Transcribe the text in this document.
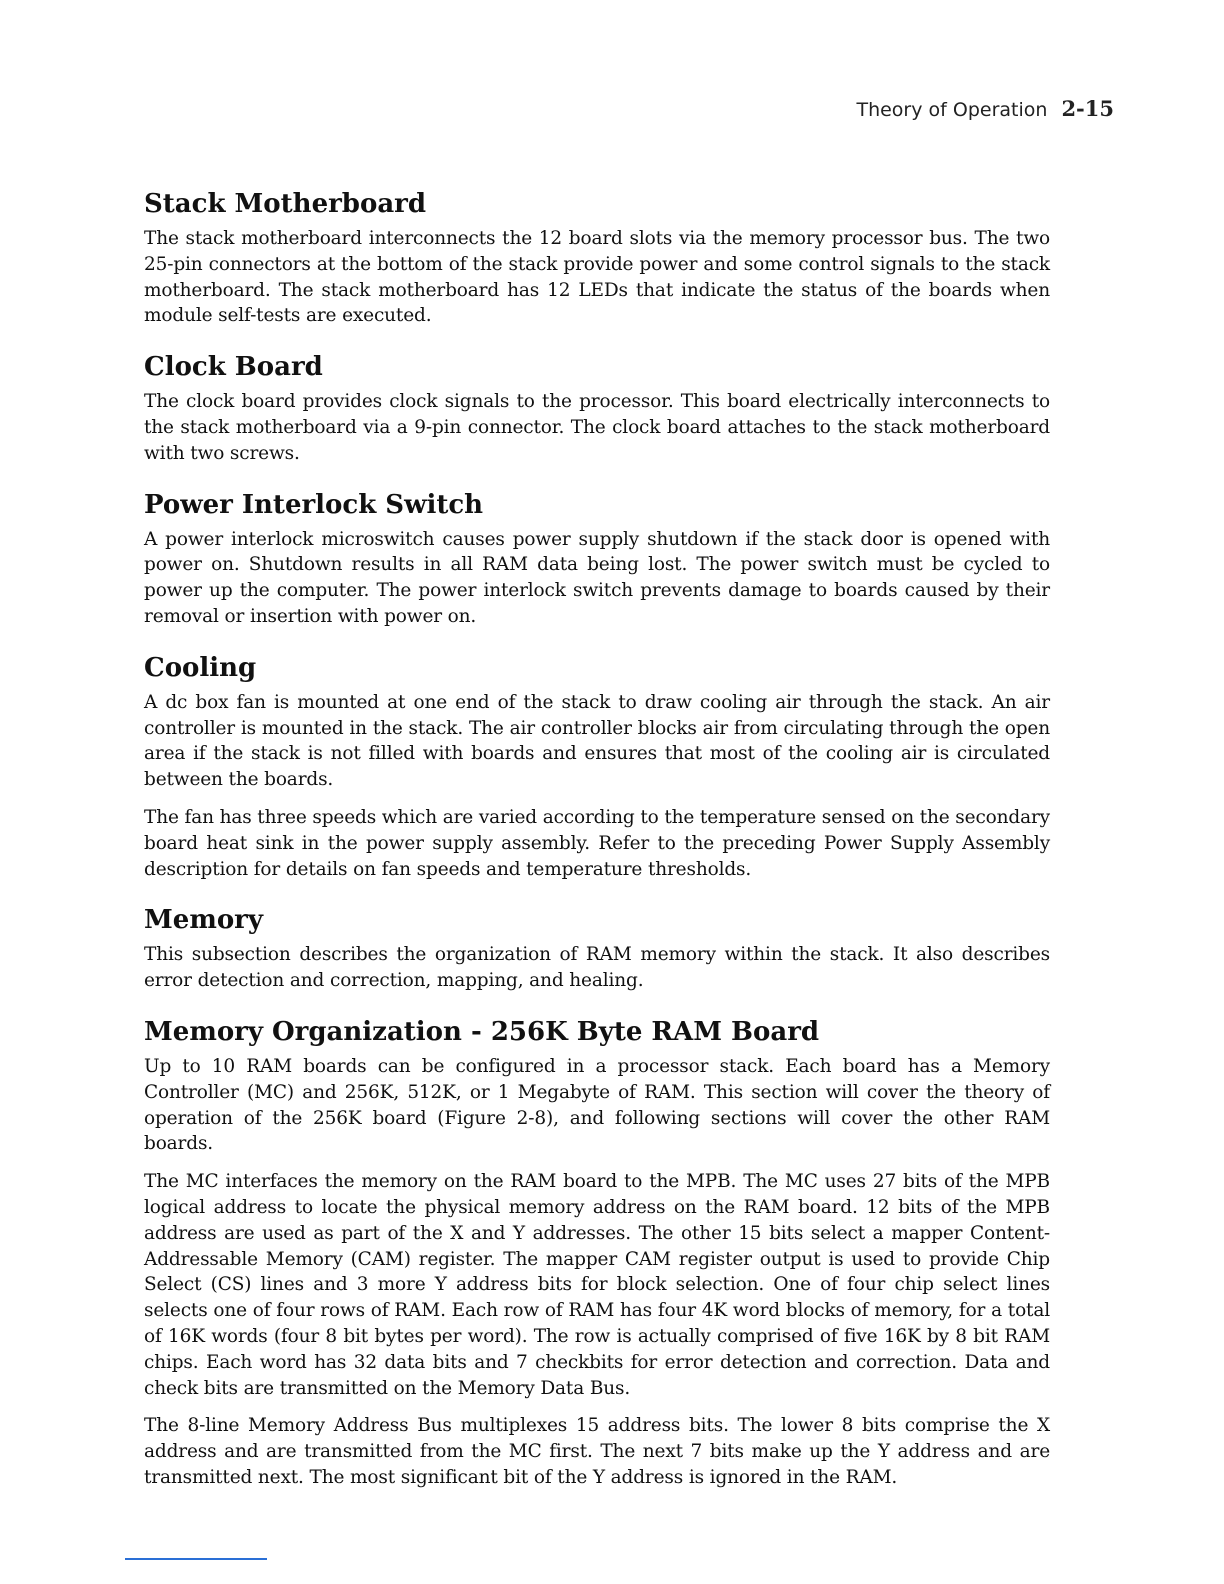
Theory of Operation 2-15
Stack Motherboard

The stack motherboard interconnects the 12 board slots via the memory processor bus. The two 25-pin connectors at the bottom of the stack provide power and some control signals to the stack motherboard. The stack motherboard has 12 LEDs that indicate the status of the boards when module self-tests are executed.

Clock Board

The clock board provides clock signals to the processor. This board electrically interconnects to the stack motherboard via a 9-pin connector. The clock board attaches to the stack motherboard with two screws.

Power Interlock Switch

A power interlock microswitch causes power supply shutdown if the stack door is opened with power on. Shutdown results in all RAM data being lost. The power switch must be cycled to power up the computer. The power interlock switch prevents damage to boards caused by their removal or insertion with power on.

Cooling

A dc box fan is mounted at one end of the stack to draw cooling air through the stack. An air controller is mounted in the stack. The air controller blocks air from circulating through the open area if the stack is not filled with boards and ensures that most of the cooling air is circulated between the boards.

The fan has three speeds which are varied according to the temperature sensed on the secondary board heat sink in the power supply assembly. Refer to the preceding Power Supply Assembly description for details on fan speeds and temperature thresholds.

Memory

This subsection describes the organization of RAM memory within the stack. It also describes error detection and correction, mapping, and healing.

Memory Organization - 256K Byte RAM Board

Up to 10 RAM boards can be configured in a processor stack. Each board has a Memory Controller (MC) and 256K, 512K, or 1 Megabyte of RAM. This section will cover the theory of operation of the 256K board (Figure 2-8), and following sections will cover the other RAM boards.

The MC interfaces the memory on the RAM board to the MPB. The MC uses 27 bits of the MPB logical address to locate the physical memory address on the RAM board. 12 bits of the MPB address are used as part of the X and Y addresses. The other 15 bits select a mapper Content-Addressable Memory (CAM) register. The mapper CAM register output is used to provide Chip Select (CS) lines and 3 more Y address bits for block selection. One of four chip select lines selects one of four rows of RAM. Each row of RAM has four 4K word blocks of memory, for a total of 16K words (four 8 bit bytes per word). The row is actually comprised of five 16K by 8 bit RAM chips. Each word has 32 data bits and 7 checkbits for error detection and correction. Data and check bits are transmitted on the Memory Data Bus.

The 8-line Memory Address Bus multiplexes 15 address bits. The lower 8 bits comprise the X address and are transmitted from the MC first. The next 7 bits make up the Y address and are transmitted next. The most significant bit of the Y address is ignored in the RAM.
